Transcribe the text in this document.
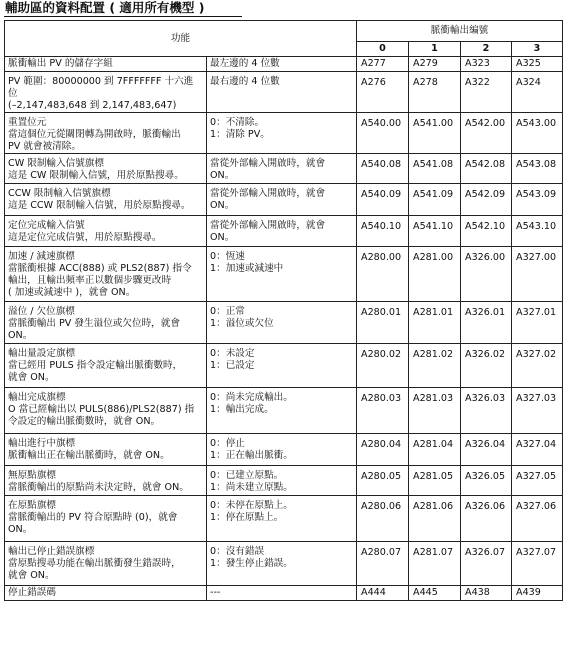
輔助區的資料配置 ( 適用所有機型 )
功能		脈衝輸出編號			
		0	1	2	3

脈衝輸出 PV 的儲存字組	最左邊的 4 位數	A277	A279	A323	A325

PV 範圍：80000000 到 7FFFFFFF 十六進
位
(–2,147,483,648 到 2,147,483,647)	最右邊的 4 位數	A276	A278	A322	A324

重置位元
當這個位元從關閉轉為開啟時，脈衝輸出
PV 就會被清除。	0：不清除。
1：清除 PV。	A540.00	A541.00	A542.00	A543.00

CW 限制輸入信號旗標
這是 CW 限制輸入信號，用於原點搜尋。	當從外部輸入開啟時，就會
ON。	A540.08	A541.08	A542.08	A543.08

CCW 限制輸入信號旗標
這是 CCW 限制輸入信號，用於原點搜尋。	當從外部輸入開啟時，就會
ON。	A540.09	A541.09	A542.09	A543.09

定位完成輸入信號
這是定位完成信號，用於原點搜尋。	當從外部輸入開啟時，就會
ON。	A540.10	A541.10	A542.10	A543.10

加速 / 減速旗標
當脈衝根據 ACC(888) 或 PLS2(887) 指令
輸出，且輸出頻率正以數個步驟更改時
( 加速或減速中 )，就會 ON。	0：恆速
1：加速或減速中	A280.00	A281.00	A326.00	A327.00

溢位 / 欠位旗標
當脈衝輸出 PV 發生溢位或欠位時，就會
ON。	0：正常
1：溢位或欠位	A280.01	A281.01	A326.01	A327.01

輸出量設定旗標
當已經用 PULS 指令設定輸出脈衝數時，
就會 ON。	0：未設定
1：已設定	A280.02	A281.02	A326.02	A327.02

輸出完成旗標
O 當已經輸出以 PULS(886)/PLS2(887) 指
令設定的輸出脈衝數時，就會 ON。	0：尚未完成輸出。
1：輸出完成。	A280.03	A281.03	A326.03	A327.03

輸出進行中旗標
脈衝輸出正在輸出脈衝時，就會 ON。	0：停止
1：正在輸出脈衝。	A280.04	A281.04	A326.04	A327.04

無原點旗標
當脈衝輸出的原點尚未決定時，就會 ON。	0：已建立原點。
1：尚未建立原點。	A280.05	A281.05	A326.05	A327.05

在原點旗標
當脈衝輸出的 PV 符合原點時 (0)，就會
ON。	0：未停在原點上。
1：停在原點上。	A280.06	A281.06	A326.06	A327.06

輸出已停止錯誤旗標
當原點搜尋功能在輸出脈衝發生錯誤時，
就會 ON。	0：沒有錯誤
1：發生停止錯誤。	A280.07	A281.07	A326.07	A327.07

停止錯誤碼	---	A444	A445	A438	A439
